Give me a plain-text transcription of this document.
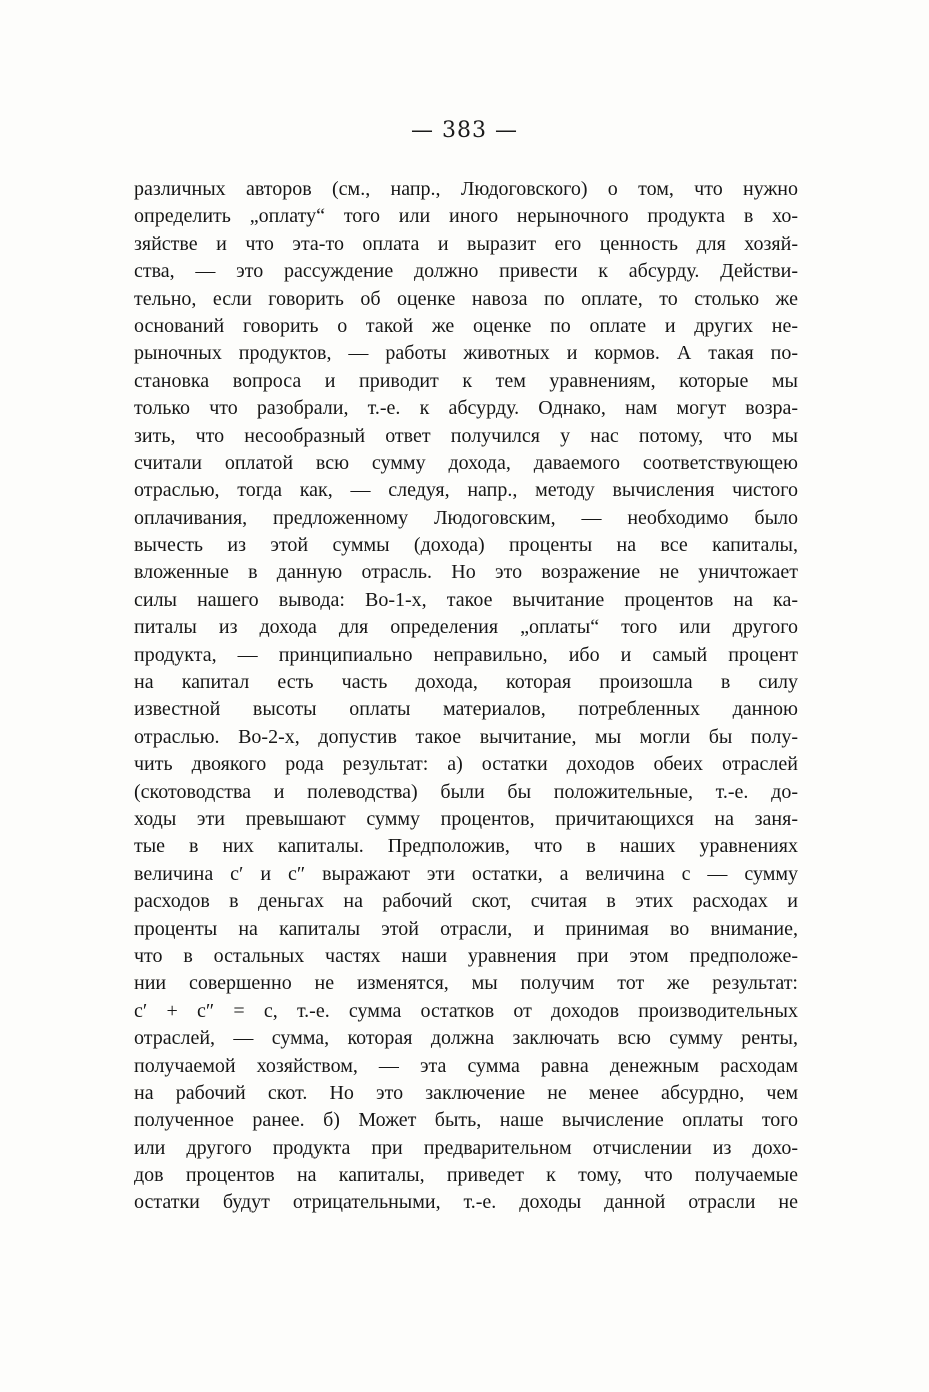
— 383 —
различных авторов (см., напр., Людоговского) о том, что нужно
определить „оплату“ того или иного нерыночного продукта в хо-
зяйстве и что эта-то оплата и выразит его ценность для хозяй-
ства, — это рассуждение должно привести к абсурду. Действи-
тельно, если говорить об оценке навоза по оплате, то столько же
оснований говорить о такой же оценке по оплате и других не-
рыночных продуктов, — работы животных и кормов. А такая по-
становка вопроса и приводит к тем уравнениям, которые мы
только что разобрали, т.-е. к абсурду. Однако, нам могут возра-
зить, что несообразный ответ получился у нас потому, что мы
считали оплатой всю сумму дохода, даваемого соответствующею
отраслью, тогда как, — следуя, напр., методу вычисления чистого
оплачивания, предложенному Людоговским, — необходимо было
вычесть из этой суммы (дохода) проценты на все капиталы,
вложенные в данную отрасль. Но это возражение не уничтожает
силы нашего вывода: Во-1-х, такое вычитание процентов на ка-
питалы из дохода для определения „оплаты“ того или другого
продукта, — принципиально неправильно, ибо и самый процент
на капитал есть часть дохода, которая произошла в силу
известной высоты оплаты материалов, потребленных данною
отраслью. Во-2-х, допустив такое вычитание, мы могли бы полу-
чить двоякого рода результат: а) остатки доходов обеих отраслей
(скотоводства и полеводства) были бы положительные, т.-е. до-
ходы эти превышают сумму процентов, причитающихся на заня-
тые в них капиталы. Предположив, что в наших уравнениях
величина c′ и c″ выражают эти остатки, а величина c — сумму
расходов в деньгах на рабочий скот, считая в этих расходах и
проценты на капиталы этой отрасли, и принимая во внимание,
что в остальных частях наши уравнения при этом предположе-
нии совершенно не изменятся, мы получим тот же результат:
c′ + c″ = c, т.-е. сумма остатков от доходов производительных
отраслей, — сумма, которая должна заключать всю сумму ренты,
получаемой хозяйством, — эта сумма равна денежным расходам
на рабочий скот. Но это заключение не менее абсурдно, чем
полученное ранее. б) Может быть, наше вычисление оплаты того
или другого продукта при предварительном отчислении из дохо-
дов процентов на капиталы, приведет к тому, что получаемые
остатки будут отрицательными, т.-е. доходы данной отрасли не
